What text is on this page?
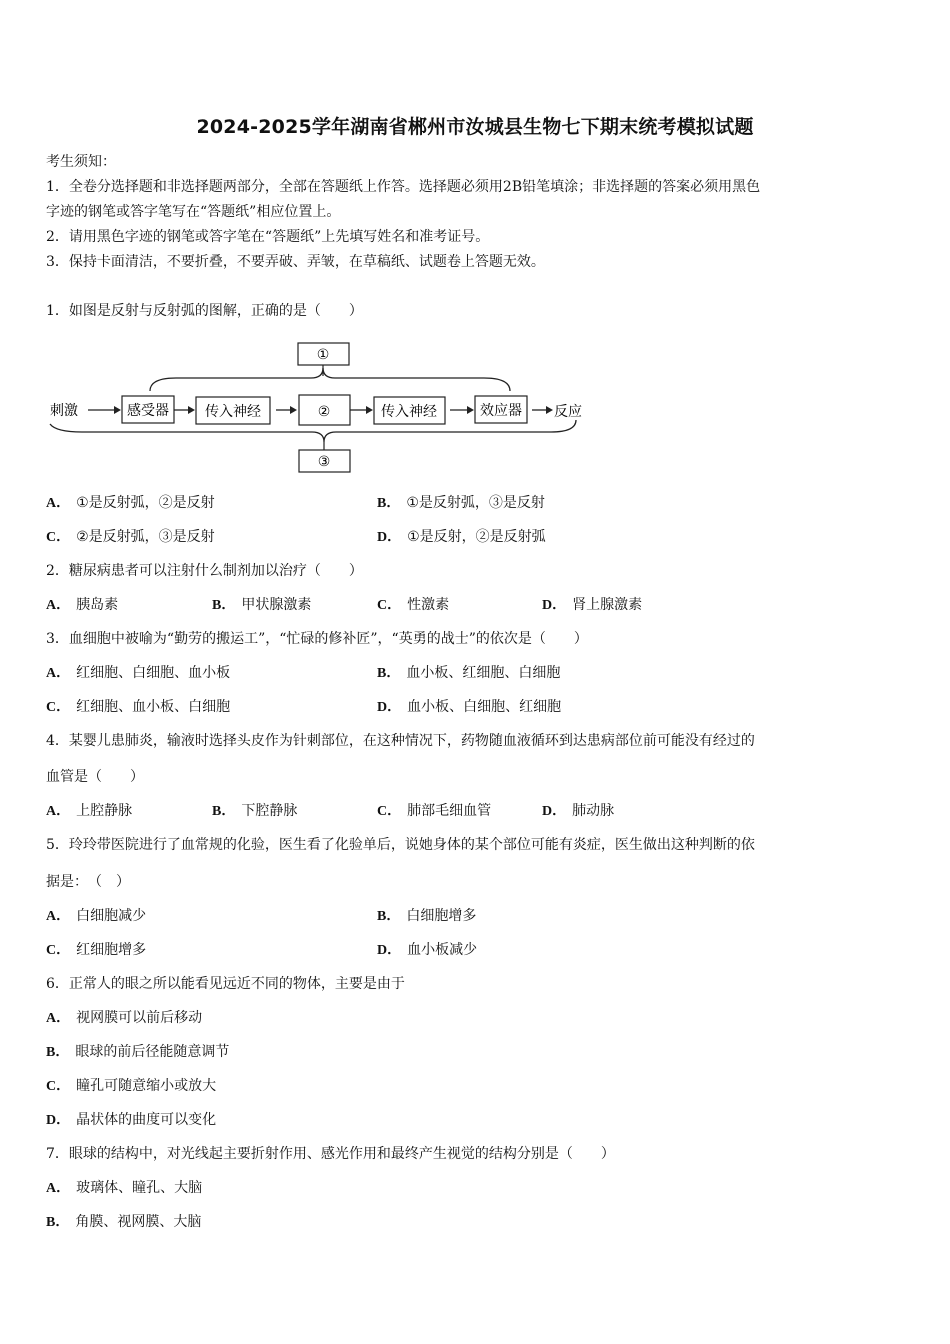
2024-2025学年湖南省郴州市汝城县生物七下期末统考模拟试题
考生须知：
1．全卷分选择题和非选择题两部分，全部在答题纸上作答。选择题必须用2B铅笔填涂；非选择题的答案必须用黑色
字迹的钢笔或答字笔写在“答题纸”相应位置上。
2．请用黑色字迹的钢笔或答字笔在“答题纸”上先填写姓名和准考证号。
3．保持卡面清洁，不要折叠，不要弄破、弄皱，在草稿纸、试题卷上答题无效。
1．如图是反射与反射弧的图解，正确的是（　　）
①
刺激	感受器	传入神经	②	传入神经	效应器 反应
③
A． ①是反射弧，②是反射	B． ①是反射弧，③是反射
C． ②是反射弧，③是反射	D． ①是反射，②是反射弧
2．糖尿病患者可以注射什么制剂加以治疗（　　）
A． 胰岛素	B． 甲状腺激素	C． 性激素	D． 肾上腺激素
3．血细胞中被喻为“勤劳的搬运工”，“忙碌的修补匠”，“英勇的战士”的依次是（　　）
A． 红细胞、白细胞、血小板	B． 血小板、红细胞、白细胞
C． 红细胞、血小板、白细胞	D． 血小板、白细胞、红细胞
4．某婴儿患肺炎，输液时选择头皮作为针刺部位，在这种情况下，药物随血液循环到达患病部位前可能没有经过的
血管是（　　）
A． 上腔静脉	B． 下腔静脉	C． 肺部毛细血管	D． 肺动脉
5．玲玲带医院进行了血常规的化验，医生看了化验单后，说她身体的某个部位可能有炎症，医生做出这种判断的依
据是：　（　）
A． 白细胞减少	B． 白细胞增多
C． 红细胞增多	D． 血小板减少
6．正常人的眼之所以能看见远近不同的物体，主要是由于
A． 视网膜可以前后移动
B． 眼球的前后径能随意调节
C． 瞳孔可随意缩小或放大
D． 晶状体的曲度可以变化
7．眼球的结构中，对光线起主要折射作用、感光作用和最终产生视觉的结构分别是（　　）
A． 玻璃体、瞳孔、大脑
B． 角膜、视网膜、大脑
